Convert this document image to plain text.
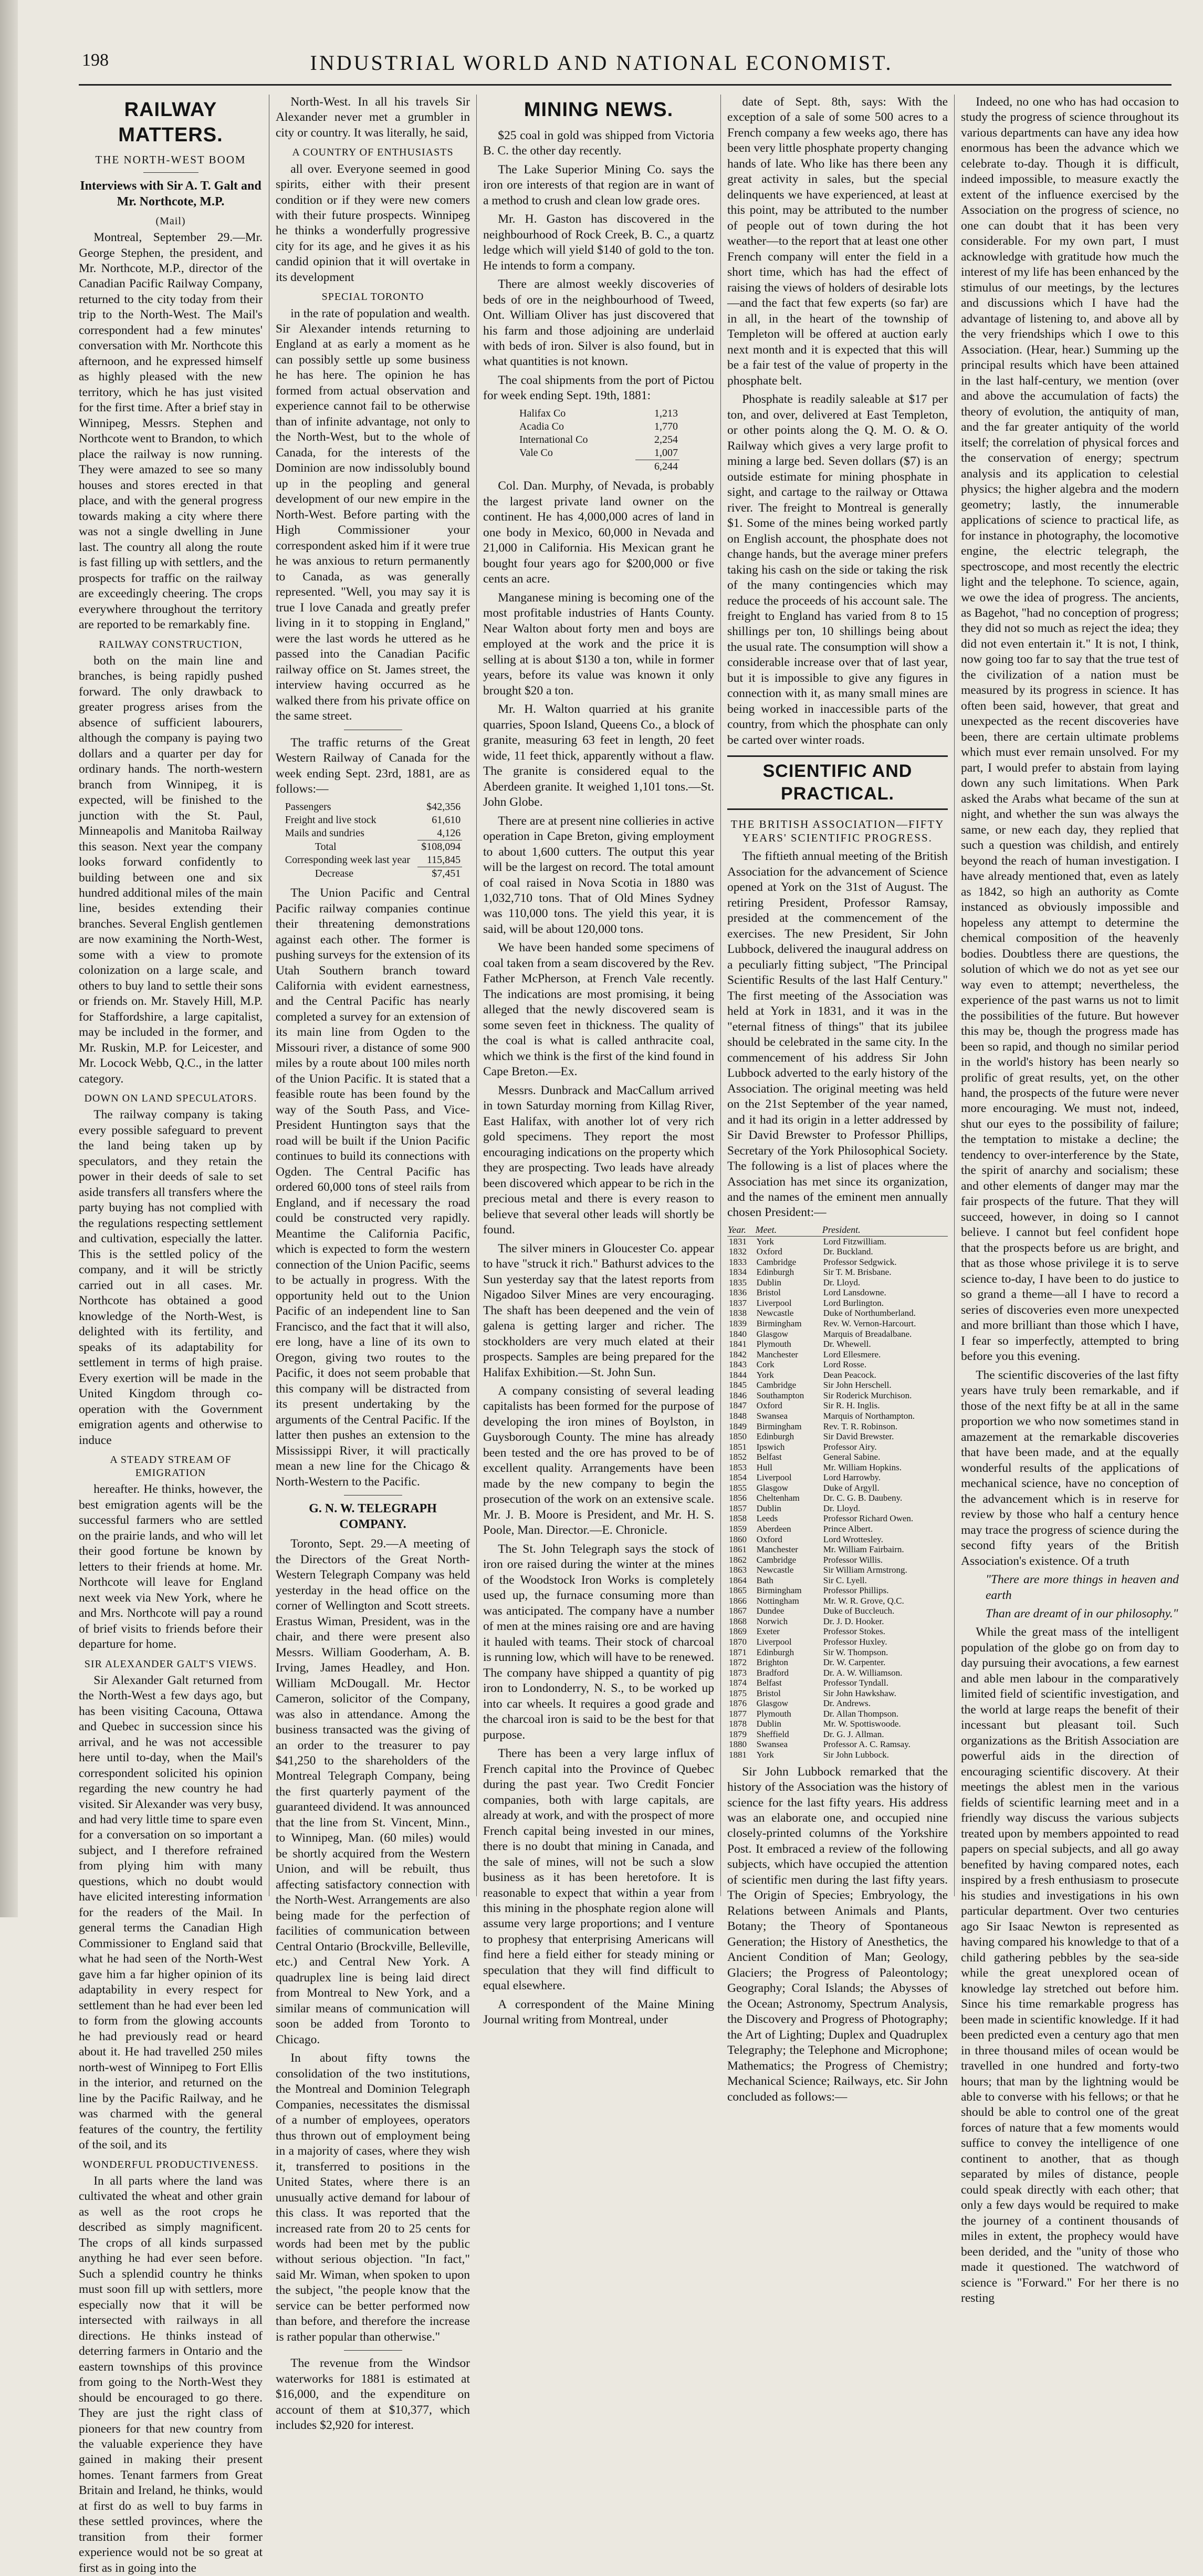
198	INDUSTRIAL WORLD AND NATIONAL ECONOMIST.
RAILWAY MATTERS.
THE NORTH-WEST BOOM
Interviews with Sir A. T. Galt and Mr. Northcote, M.P.
(Mail)

Montreal, September 29.—Mr. George Stephen, the president, and Mr. Northcote, M.P., director of the Canadian Pacific Railway Company, returned to the city today from their trip to the North-West. The Mail's correspondent had a few minutes' conversation with Mr. Northcote this afternoon, and he expressed himself as highly pleased with the new territory, which he has just visited for the first time. After a brief stay in Winnipeg, Messrs. Stephen and Northcote went to Brandon, to which place the railway is now running. They were amazed to see so many houses and stores erected in that place, and with the general progress towards making a city where there was not a single dwelling in June last. The country all along the route is fast filling up with settlers, and the prospects for traffic on the railway are exceedingly cheering. The crops everywhere throughout the territory are reported to be remarkably fine.

RAILWAY CONSTRUCTION,

both on the main line and branches, is being rapidly pushed forward. The only drawback to greater progress arises from the absence of sufficient labourers, although the company is paying two dollars and a quarter per day for ordinary hands. The north-western branch from Winnipeg, it is expected, will be finished to the junction with the St. Paul, Minneapolis and Manitoba Railway this season. Next year the company looks forward confidently to building between one and six hundred additional miles of the main line, besides extending their branches. Several English gentlemen are now examining the North-West, some with a view to promote colonization on a large scale, and others to buy land to settle their sons or friends on. Mr. Stavely Hill, M.P. for Staffordshire, a large capitalist, may be included in the former, and Mr. Ruskin, M.P. for Leicester, and Mr. Locock Webb, Q.C., in the latter category.

DOWN ON LAND SPECULATORS.

The railway company is taking every possible safeguard to prevent the land being taken up by speculators, and they retain the power in their deeds of sale to set aside transfers all transfers where the party buying has not complied with the regulations respecting settlement and cultivation, especially the latter. This is the settled policy of the company, and it will be strictly carried out in all cases. Mr. Northcote has obtained a good knowledge of the North-West, is delighted with its fertility, and speaks of its adaptability for settlement in terms of high praise. Every exertion will be made in the United Kingdom through co-operation with the Government emigration agents and otherwise to induce

A STEADY STREAM OF EMIGRATION

hereafter. He thinks, however, the best emigration agents will be the successful farmers who are settled on the prairie lands, and who will let their good fortune be known by letters to their friends at home. Mr. Northcote will leave for England next week via New York, where he and Mrs. Northcote will pay a round of brief visits to friends before their departure for home.

SIR ALEXANDER GALT'S VIEWS.

Sir Alexander Galt returned from the North-West a few days ago, but has been visiting Cacouna, Ottawa and Quebec in succession since his arrival, and he was not accessible here until to-day, when the Mail's correspondent solicited his opinion regarding the new country he had visited. Sir Alexander was very busy, and had very little time to spare even for a conversation on so important a subject, and I therefore refrained from plying him with many questions, which no doubt would have elicited interesting information for the readers of the Mail. In general terms the Canadian High Commissioner to England said that what he had seen of the North-West gave him a far higher opinion of its adaptability in every respect for settlement than he had ever been led to form from the glowing accounts he had previously read or heard about it. He had travelled 250 miles north-west of Winnipeg to Fort Ellis in the interior, and returned on the line by the Pacific Railway, and he was charmed with the general features of the country, the fertility of the soil, and its

WONDERFUL PRODUCTIVENESS.

In all parts where the land was cultivated the wheat and other grain as well as the root crops he described as simply magnificent. The crops of all kinds surpassed anything he had ever seen before. Such a splendid country he thinks must soon fill up with settlers, more especially now that it will be intersected with railways in all directions. He thinks instead of deterring farmers in Ontario and the eastern townships of this province from going to the North-West they should be encouraged to go there. They are just the right class of pioneers for that new country from the valuable experience they have gained in making their present homes. Tenant farmers from Great Britain and Ireland, he thinks, would at first do as well to buy farms in these settled provinces, where the transition from their former experience would not be so great at first as in going into the

North-West. In all his travels Sir Alexander never met a grumbler in city or country. It was literally, he said,

A COUNTRY OF ENTHUSIASTS

all over. Everyone seemed in good spirits, either with their present condition or if they were new comers with their future prospects. Winnipeg he thinks a wonderfully progressive city for its age, and he gives it as his candid opinion that it will overtake in its development

SPECIAL TORONTO

in the rate of population and wealth. Sir Alexander intends returning to England at as early a moment as he can possibly settle up some business he has here. The opinion he has formed from actual observation and experience cannot fail to be otherwise than of infinite advantage, not only to the North-West, but to the whole of Canada, for the interests of the Dominion are now indissolubly bound up in the peopling and general development of our new empire in the North-West. Before parting with the High Commissioner your correspondent asked him if it were true he was anxious to return permanently to Canada, as was generally represented. "Well, you may say it is true I love Canada and greatly prefer living in it to stopping in England," were the last words he uttered as he passed into the Canadian Pacific railway office on St. James street, the interview having occurred as he walked there from his private office on the same street.

The traffic returns of the Great Western Railway of Canada for the week ending Sept. 23rd, 1881, are as follows:—

Passengers	$42,356
Freight and live stock	61,610
Mails and sundries	4,126
Total	$108,094
Corresponding week last year	115,845
Decrease	$7,451

The Union Pacific and Central Pacific railway companies continue their threatening demonstrations against each other. The former is pushing surveys for the extension of its Utah Southern branch toward California with evident earnestness, and the Central Pacific has nearly completed a survey for an extension of its main line from Ogden to the Missouri river, a distance of some 900 miles by a route about 100 miles north of the Union Pacific. It is stated that a feasible route has been found by the way of the South Pass, and Vice-President Huntington says that the road will be built if the Union Pacific continues to build its connections with Ogden. The Central Pacific has ordered 60,000 tons of steel rails from England, and if necessary the road could be constructed very rapidly. Meantime the California Pacific, which is expected to form the western connection of the Union Pacific, seems to be actually in progress. With the opportunity held out to the Union Pacific of an independent line to San Francisco, and the fact that it will also, ere long, have a line of its own to Oregon, giving two routes to the Pacific, it does not seem probable that this company will be distracted from its present undertaking by the arguments of the Central Pacific. If the latter then pushes an extension to the Mississippi River, it will practically mean a new line for the Chicago & North-Western to the Pacific.

G. N. W. TELEGRAPH COMPANY.

Toronto, Sept. 29.—A meeting of the Directors of the Great North-Western Telegraph Company was held yesterday in the head office on the corner of Wellington and Scott streets. Erastus Wiman, President, was in the chair, and there were present also Messrs. William Gooderham, A. B. Irving, James Headley, and Hon. William McDougall. Mr. Hector Cameron, solicitor of the Company, was also in attendance. Among the business transacted was the giving of an order to the treasurer to pay $41,250 to the shareholders of the Montreal Telegraph Company, being the first quarterly payment of the guaranteed dividend. It was announced that the line from St. Vincent, Minn., to Winnipeg, Man. (60 miles) would be shortly acquired from the Western Union, and will be rebuilt, thus affecting satisfactory connection with the North-West. Arrangements are also being made for the perfection of facilities of communication between Central Ontario (Brockville, Belleville, etc.) and Central New York. A quadruplex line is being laid direct from Montreal to New York, and a similar means of communication will soon be added from Toronto to Chicago.

In about fifty towns the consolidation of the two institutions, the Montreal and Dominion Telegraph Companies, necessitates the dismissal of a number of employees, operators thus thrown out of employment being in a majority of cases, where they wish it, transferred to positions in the United States, where there is an unusually active demand for labour of this class. It was reported that the increased rate from 20 to 25 cents for words had been met by the public without serious objection. "In fact," said Mr. Wiman, when spoken to upon the subject, "the people know that the service can be better performed now than before, and therefore the increase is rather popular than otherwise."

The revenue from the Windsor waterworks for 1881 is estimated at $16,000, and the expenditure on account of them at $10,377, which includes $2,920 for interest.

MINING NEWS.

$25 coal in gold was shipped from Victoria B. C. the other day recently.

The Lake Superior Mining Co. says the iron ore interests of that region are in want of a method to crush and clean low grade ores.

Mr. H. Gaston has discovered in the neighbourhood of Rock Creek, B. C., a quartz ledge which will yield $140 of gold to the ton. He intends to form a company.

There are almost weekly discoveries of beds of ore in the neighbourhood of Tweed, Ont. William Oliver has just discovered that his farm and those adjoining are underlaid with beds of iron. Silver is also found, but in what quantities is not known.

The coal shipments from the port of Pictou for week ending Sept. 19th, 1881:

Halifax Co	1,213
Acadia Co	1,770
International Co	2,254
Vale Co	1,007
	6,244

Col. Dan. Murphy, of Nevada, is probably the largest private land owner on the continent. He has 4,000,000 acres of land in one body in Mexico, 60,000 in Nevada and 21,000 in California. His Mexican grant he bought four years ago for $200,000 or five cents an acre.

Manganese mining is becoming one of the most profitable industries of Hants County. Near Walton about forty men and boys are employed at the work and the price it is selling at is about $130 a ton, while in former years, before its value was known it only brought $20 a ton.

Mr. H. Walton quarried at his granite quarries, Spoon Island, Queens Co., a block of granite, measuring 63 feet in length, 20 feet wide, 11 feet thick, apparently without a flaw. The granite is considered equal to the Aberdeen granite. It weighed 1,101 tons.—St. John Globe.

There are at present nine collieries in active operation in Cape Breton, giving employment to about 1,600 cutters. The output this year will be the largest on record. The total amount of coal raised in Nova Scotia in 1880 was 1,032,710 tons. That of Old Mines Sydney was 110,000 tons. The yield this year, it is said, will be about 120,000 tons.

We have been handed some specimens of coal taken from a seam discovered by the Rev. Father McPherson, at French Vale recently. The indications are most promising, it being alleged that the newly discovered seam is some seven feet in thickness. The quality of the coal is what is called anthracite coal, which we think is the first of the kind found in Cape Breton.—Ex.

Messrs. Dunbrack and MacCallum arrived in town Saturday morning from Killag River, East Halifax, with another lot of very rich gold specimens. They report the most encouraging indications on the property which they are prospecting. Two leads have already been discovered which appear to be rich in the precious metal and there is every reason to believe that several other leads will shortly be found.

The silver miners in Gloucester Co. appear to have "struck it rich." Bathurst advices to the Sun yesterday say that the latest reports from Nigadoo Silver Mines are very encouraging. The shaft has been deepened and the vein of galena is getting larger and richer. The stockholders are very much elated at their prospects. Samples are being prepared for the Halifax Exhibition.—St. John Sun.

A company consisting of several leading capitalists has been formed for the purpose of developing the iron mines of Boylston, in Guysborough County. The mine has already been tested and the ore has proved to be of excellent quality. Arrangements have been made by the new company to begin the prosecution of the work on an extensive scale. Mr. J. B. Moore is President, and Mr. H. S. Poole, Man. Director.—E. Chronicle.

The St. John Telegraph says the stock of iron ore raised during the winter at the mines of the Woodstock Iron Works is completely used up, the furnace consuming more than was anticipated. The company have a number of men at the mines raising ore and are having it hauled with teams. Their stock of charcoal is running low, which will have to be renewed. The company have shipped a quantity of pig iron to Londonderry, N. S., to be worked up into car wheels. It requires a good grade and the charcoal iron is said to be the best for that purpose.

There has been a very large influx of French capital into the Province of Quebec during the past year. Two Credit Foncier companies, both with large capitals, are already at work, and with the prospect of more French capital being invested in our mines, there is no doubt that mining in Canada, and the sale of mines, will not be such a slow business as it has been heretofore. It is reasonable to expect that within a year from this mining in the phosphate region alone will assume very large proportions; and I venture to prophesy that enterprising Americans will find here a field either for steady mining or speculation that they will find difficult to equal elsewhere.

A correspondent of the Maine Mining Journal writing from Montreal, under

date of Sept. 8th, says: With the exception of a sale of some 500 acres to a French company a few weeks ago, there has been very little phosphate property changing hands of late. Who like has there been any great activity in sales, but the special delinquents we have experienced, at least at this point, may be attributed to the number of people out of town during the hot weather—to the report that at least one other French company will enter the field in a short time, which has had the effect of raising the views of holders of desirable lots—and the fact that few experts (so far) are in all, in the heart of the township of Templeton will be offered at auction early next month and it is expected that this will be a fair test of the value of property in the phosphate belt.

Phosphate is readily saleable at $17 per ton, and over, delivered at East Templeton, or other points along the Q. M. O. & O. Railway which gives a very large profit to mining a large bed. Seven dollars ($7) is an outside estimate for mining phosphate in sight, and cartage to the railway or Ottawa river. The freight to Montreal is generally $1. Some of the mines being worked partly on English account, the phosphate does not change hands, but the average miner prefers taking his cash on the side or taking the risk of the many contingencies which may reduce the proceeds of his account sale. The freight to England has varied from 8 to 15 shillings per ton, 10 shillings being about the usual rate. The consumption will show a considerable increase over that of last year, but it is impossible to give any figures in connection with it, as many small mines are being worked in inaccessible parts of the country, from which the phosphate can only be carted over winter roads.

SCIENTIFIC AND PRACTICAL.
THE BRITISH ASSOCIATION—FIFTY YEARS' SCIENTIFIC PROGRESS.

The fiftieth annual meeting of the British Association for the advancement of Science opened at York on the 31st of August. The retiring President, Professor Ramsay, presided at the commencement of the exercises. The new President, Sir John Lubbock, delivered the inaugural address on a peculiarly fitting subject, "The Principal Scientific Results of the last Half Century." The first meeting of the Association was held at York in 1831, and it was in the "eternal fitness of things" that its jubilee should be celebrated in the same city. In the commencement of his address Sir John Lubbock adverted to the early history of the Association. The original meeting was held on the 21st September of the year named, and it had its origin in a letter addressed by Sir David Brewster to Professor Phillips, Secretary of the York Philosophical Society. The following is a list of places where the Association has met since its organization, and the names of the eminent men annually chosen President:—

Year.	Meet.	President.
1831	York	Lord Fitzwilliam.
1832	Oxford	Dr. Buckland.
1833	Cambridge	Professor Sedgwick.
1834	Edinburgh	Sir T. M. Brisbane.
1835	Dublin	Dr. Lloyd.
1836	Bristol	Lord Lansdowne.
1837	Liverpool	Lord Burlington.
1838	Newcastle	Duke of Northumberland.
1839	Birmingham	Rev. W. Vernon-Harcourt.
1840	Glasgow	Marquis of Breadalbane.
1841	Plymouth	Dr. Whewell.
1842	Manchester	Lord Ellesmere.
1843	Cork	Lord Rosse.
1844	York	Dean Peacock.
1845	Cambridge	Sir John Herschell.
1846	Southampton	Sir Roderick Murchison.
1847	Oxford	Sir R. H. Inglis.
1848	Swansea	Marquis of Northampton.
1849	Birmingham	Rev. T. R. Robinson.
1850	Edinburgh	Sir David Brewster.
1851	Ipswich	Professor Airy.
1852	Belfast	General Sabine.
1853	Hull	Mr. William Hopkins.
1854	Liverpool	Lord Harrowby.
1855	Glasgow	Duke of Argyll.
1856	Cheltenham	Dr. C. G. B. Daubeny.
1857	Dublin	Dr. Lloyd.
1858	Leeds	Professor Richard Owen.
1859	Aberdeen	Prince Albert.
1860	Oxford	Lord Wrottesley.
1861	Manchester	Mr. William Fairbairn.
1862	Cambridge	Professor Willis.
1863	Newcastle	Sir William Armstrong.
1864	Bath	Sir C. Lyell.
1865	Birmingham	Professor Phillips.
1866	Nottingham	Mr. W. R. Grove, Q.C.
1867	Dundee	Duke of Buccleuch.
1868	Norwich	Dr. J. D. Hooker.
1869	Exeter	Professor Stokes.
1870	Liverpool	Professor Huxley.
1871	Edinburgh	Sir W. Thompson.
1872	Brighton	Dr. W. Carpenter.
1873	Bradford	Dr. A. W. Williamson.
1874	Belfast	Professor Tyndall.
1875	Bristol	Sir John Hawkshaw.
1876	Glasgow	Dr. Andrews.
1877	Plymouth	Dr. Allan Thompson.
1878	Dublin	Mr. W. Spottiswoode.
1879	Sheffield	Dr. G. J. Allman.
1880	Swansea	Professor A. C. Ramsay.
1881	York	Sir John Lubbock.

Sir John Lubbock remarked that the history of the Association was the history of science for the last fifty years. His address was an elaborate one, and occupied nine closely-printed columns of the Yorkshire Post. It embraced a review of the following subjects, which have occupied the attention of scientific men during the last fifty years. The Origin of Species; Embryology, the Relations between Animals and Plants, Botany; the Theory of Spontaneous Generation; the History of Anesthetics, the Ancient Condition of Man; Geology, Glaciers; the Progress of Paleontology; Geography; Coral Islands; the Abysses of the Ocean; Astronomy, Spectrum Analysis, the Discovery and Progress of Photography; the Art of Lighting; Duplex and Quadruplex Telegraphy; the Telephone and Microphone; Mathematics; the Progress of Chemistry; Mechanical Science; Railways, etc. Sir John concluded as follows:—

Indeed, no one who has had occasion to study the progress of science throughout its various departments can have any idea how enormous has been the advance which we celebrate to-day. Though it is difficult, indeed impossible, to measure exactly the extent of the influence exercised by the Association on the progress of science, no one can doubt that it has been very considerable. For my own part, I must acknowledge with gratitude how much the interest of my life has been enhanced by the stimulus of our meetings, by the lectures and discussions which I have had the advantage of listening to, and above all by the very friendships which I owe to this Association. (Hear, hear.) Summing up the principal results which have been attained in the last half-century, we mention (over and above the accumulation of facts) the theory of evolution, the antiquity of man, and the far greater antiquity of the world itself; the correlation of physical forces and the conservation of energy; spectrum analysis and its application to celestial physics; the higher algebra and the modern geometry; lastly, the innumerable applications of science to practical life, as for instance in photography, the locomotive engine, the electric telegraph, the spectroscope, and most recently the electric light and the telephone. To science, again, we owe the idea of progress. The ancients, as Bagehot, "had no conception of progress; they did not so much as reject the idea; they did not even entertain it." It is not, I think, now going too far to say that the true test of the civilization of a nation must be measured by its progress in science. It has often been said, however, that great and unexpected as the recent discoveries have been, there are certain ultimate problems which must ever remain unsolved. For my part, I would prefer to abstain from laying down any such limitations. When Park asked the Arabs what became of the sun at night, and whether the sun was always the same, or new each day, they replied that such a question was childish, and entirely beyond the reach of human investigation. I have already mentioned that, even as lately as 1842, so high an authority as Comte instanced as obviously impossible and hopeless any attempt to determine the chemical composition of the heavenly bodies. Doubtless there are questions, the solution of which we do not as yet see our way even to attempt; nevertheless, the experience of the past warns us not to limit the possibilities of the future. But however this may be, though the progress made has been so rapid, and though no similar period in the world's history has been nearly so prolific of great results, yet, on the other hand, the prospects of the future were never more encouraging. We must not, indeed, shut our eyes to the possibility of failure; the temptation to mistake a decline; the tendency to over-interference by the State, the spirit of anarchy and socialism; these and other elements of danger may mar the fair prospects of the future. That they will succeed, however, in doing so I cannot believe. I cannot but feel confident hope that the prospects before us are bright, and that as those whose privilege it is to serve science to-day, I have been to do justice to so grand a theme—all I have to record a series of discoveries even more unexpected and more brilliant than those which I have, I fear so imperfectly, attempted to bring before you this evening.

The scientific discoveries of the last fifty years have truly been remarkable, and if those of the next fifty be at all in the same proportion we who now sometimes stand in amazement at the remarkable discoveries that have been made, and at the equally wonderful results of the applications of mechanical science, have no conception of the advancement which is in reserve for review by those who half a century hence may trace the progress of science during the second fifty years of the British Association's existence. Of a truth

"There are more things in heaven and earth
Than are dreamt of in our philosophy."

While the great mass of the intelligent population of the globe go on from day to day pursuing their avocations, a few earnest and able men labour in the comparatively limited field of scientific investigation, and the world at large reaps the benefit of their incessant but pleasant toil. Such organizations as the British Association are powerful aids in the direction of encouraging scientific discovery. At their meetings the ablest men in the various fields of scientific learning meet and in a friendly way discuss the various subjects treated upon by members appointed to read papers on special subjects, and all go away benefited by having compared notes, each inspired by a fresh enthusiasm to prosecute his studies and investigations in his own particular department. Over two centuries ago Sir Isaac Newton is represented as having compared his knowledge to that of a child gathering pebbles by the sea-side while the great unexplored ocean of knowledge lay stretched out before him. Since his time remarkable progress has been made in scientific knowledge. If it had been predicted even a century ago that men in three thousand miles of ocean would be travelled in one hundred and forty-two hours; that man by the lightning would be able to converse with his fellows; or that he should be able to control one of the great forces of nature that a few moments would suffice to convey the intelligence of one continent to another, that as though separated by miles of distance, people could speak directly with each other; that only a few days would be required to make the journey of a continent thousands of miles in extent, the prophecy would have been derided, and the "unity of those who made it questioned. The watchword of science is "Forward." For her there is no resting
